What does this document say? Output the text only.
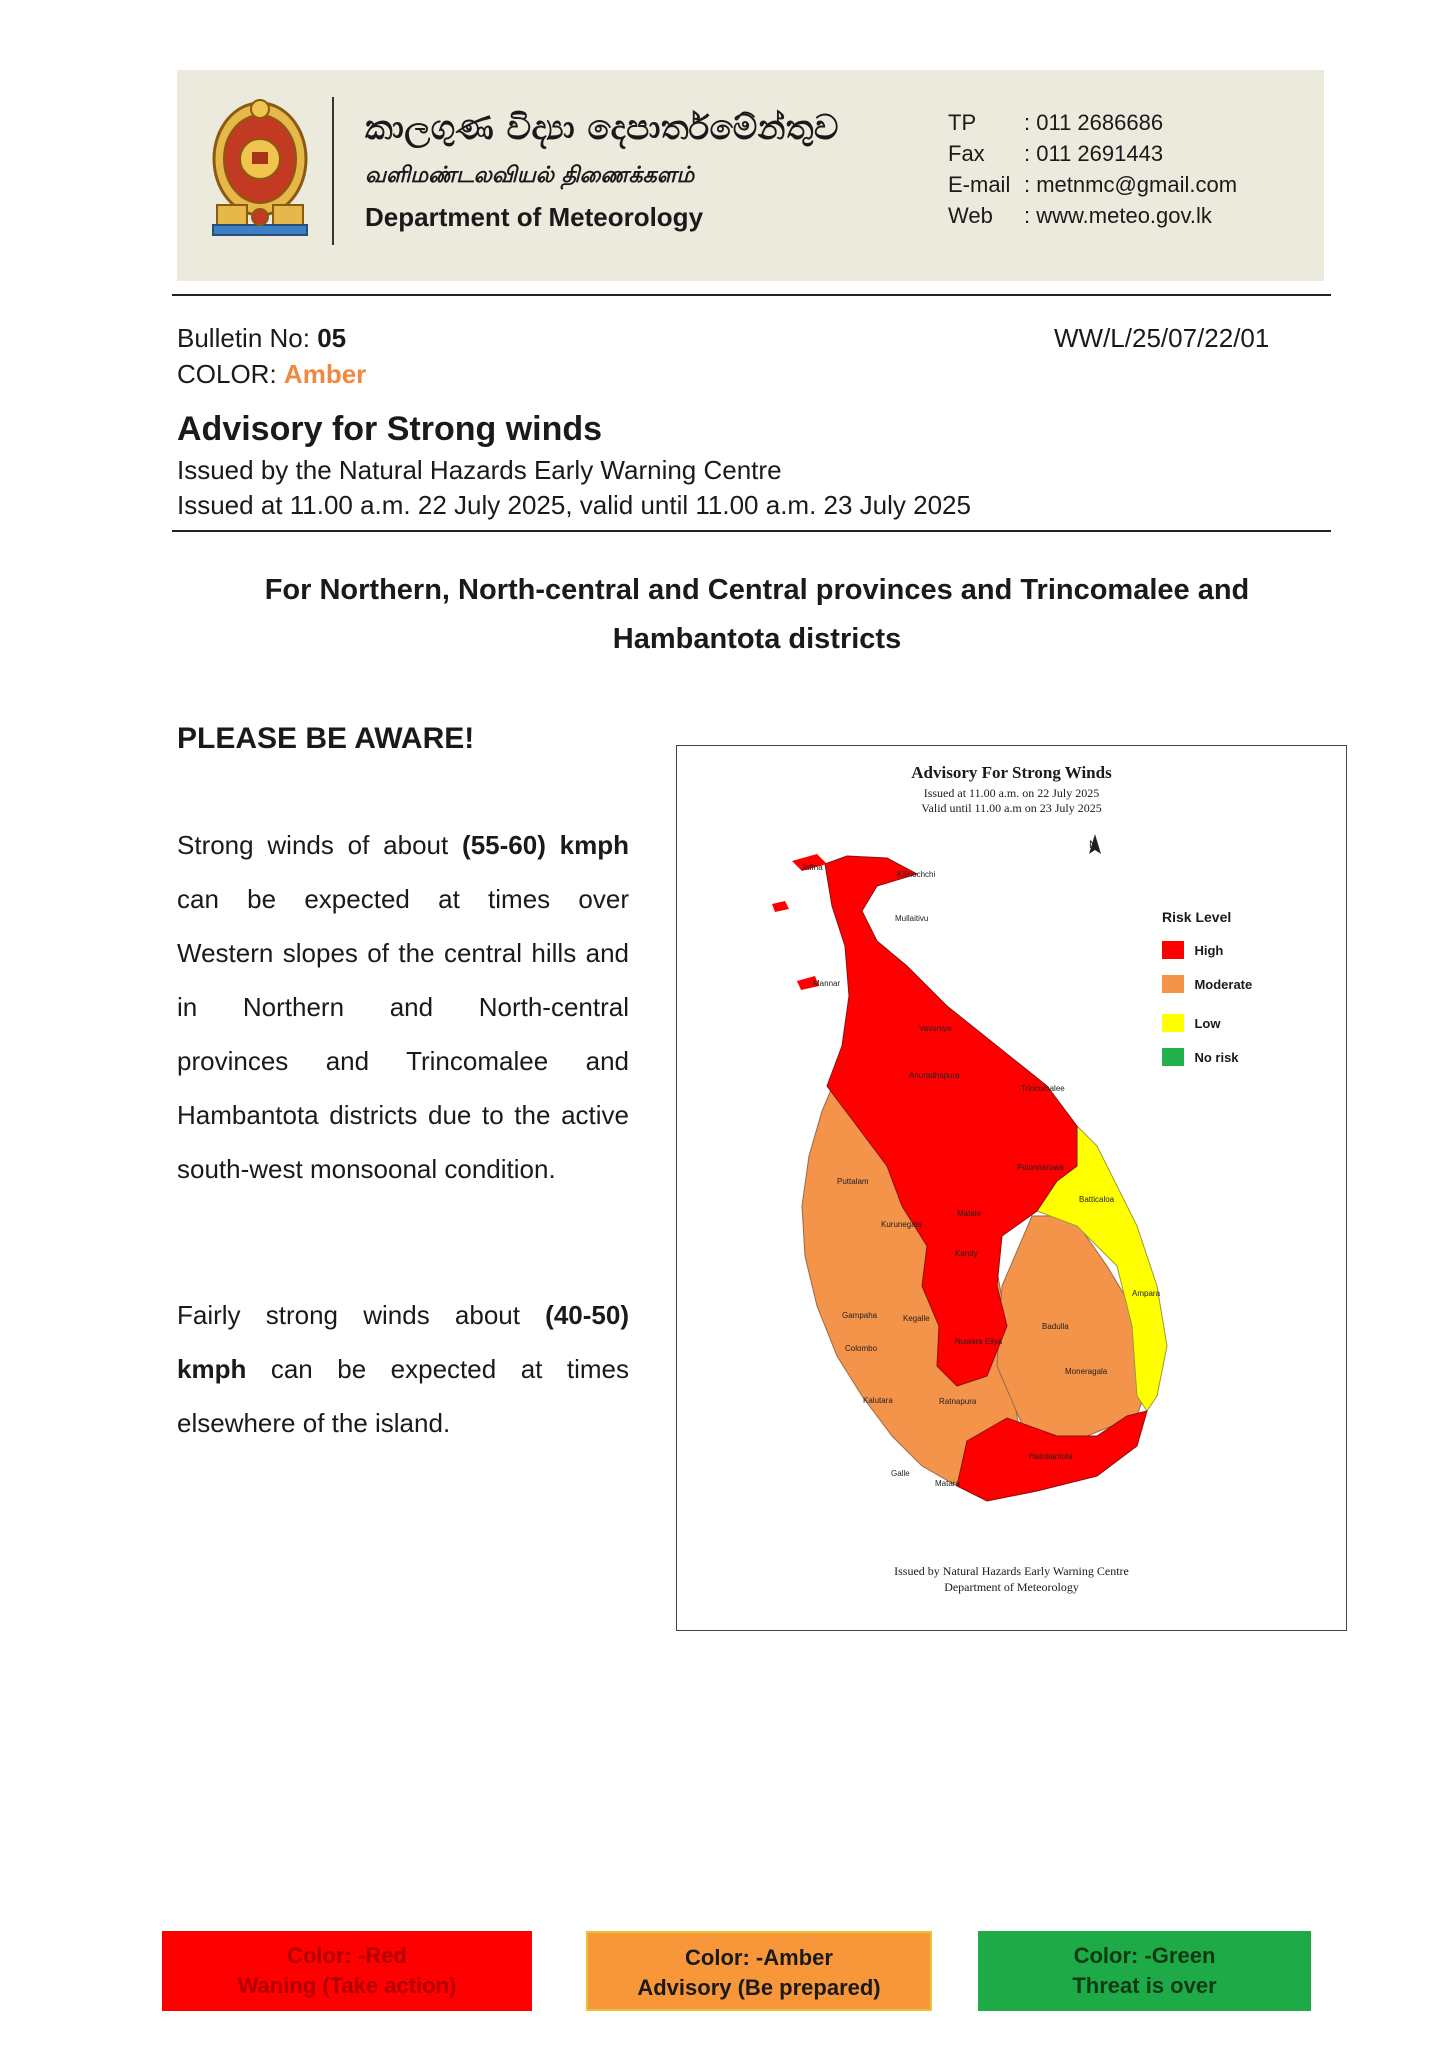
කාලගුණ විද්‍යා දෙපාර්තමේන්තුව
வளிமண்டலவியல் திணைக்களம்
Department of Meteorology
TP : 011 2686686
Fax : 011 2691443
E-mail : metnmc@gmail.com
Web : www.meteo.gov.lk
Bulletin No: 05
COLOR: Amber
WW/L/25/07/22/01
Advisory for Strong winds
Issued by the Natural Hazards Early Warning Centre
Issued at 11.00 a.m. 22 July 2025, valid until 11.00 a.m. 23 July 2025
For Northern, North-central and Central provinces and Trincomalee and
Hambantota districts
PLEASE BE AWARE!
Strong winds of about (55-60) kmph
can be expected at times over
Western slopes of the central hills and
in Northern and North-central
provinces and Trincomalee and
Hambantota districts due to the active
south-west monsoonal condition.
Fairly strong winds about (40-50)
kmph can be expected at times
elsewhere of the island.
Advisory For Strong Winds
Issued at 11.00 a.m. on 22 July 2025
Valid until 11.00 a.m on 23 July 2025
Jaffna
Kilinochchi
Mullaitivu
Mannar
Vavuniya
Anuradhapura
Trincomalee
Polonnaruwa
Puttalam
Kurunegala
Matale
Batticaloa
Ampara
Kandy
Gampaha	Kegalle
Badulla
Nuwara Eliya
Colombo
Moneragala
Kalutara	Ratnapura
Hambantota
Galle
Matara
N
Risk Level
High
Moderate
Low
No risk
Issued by Natural Hazards Early Warning Centre
Department of Meteorology
Color: -Red
Waning (Take action)
Color: -Amber
Advisory (Be prepared)
Color: -Green
Threat is over
